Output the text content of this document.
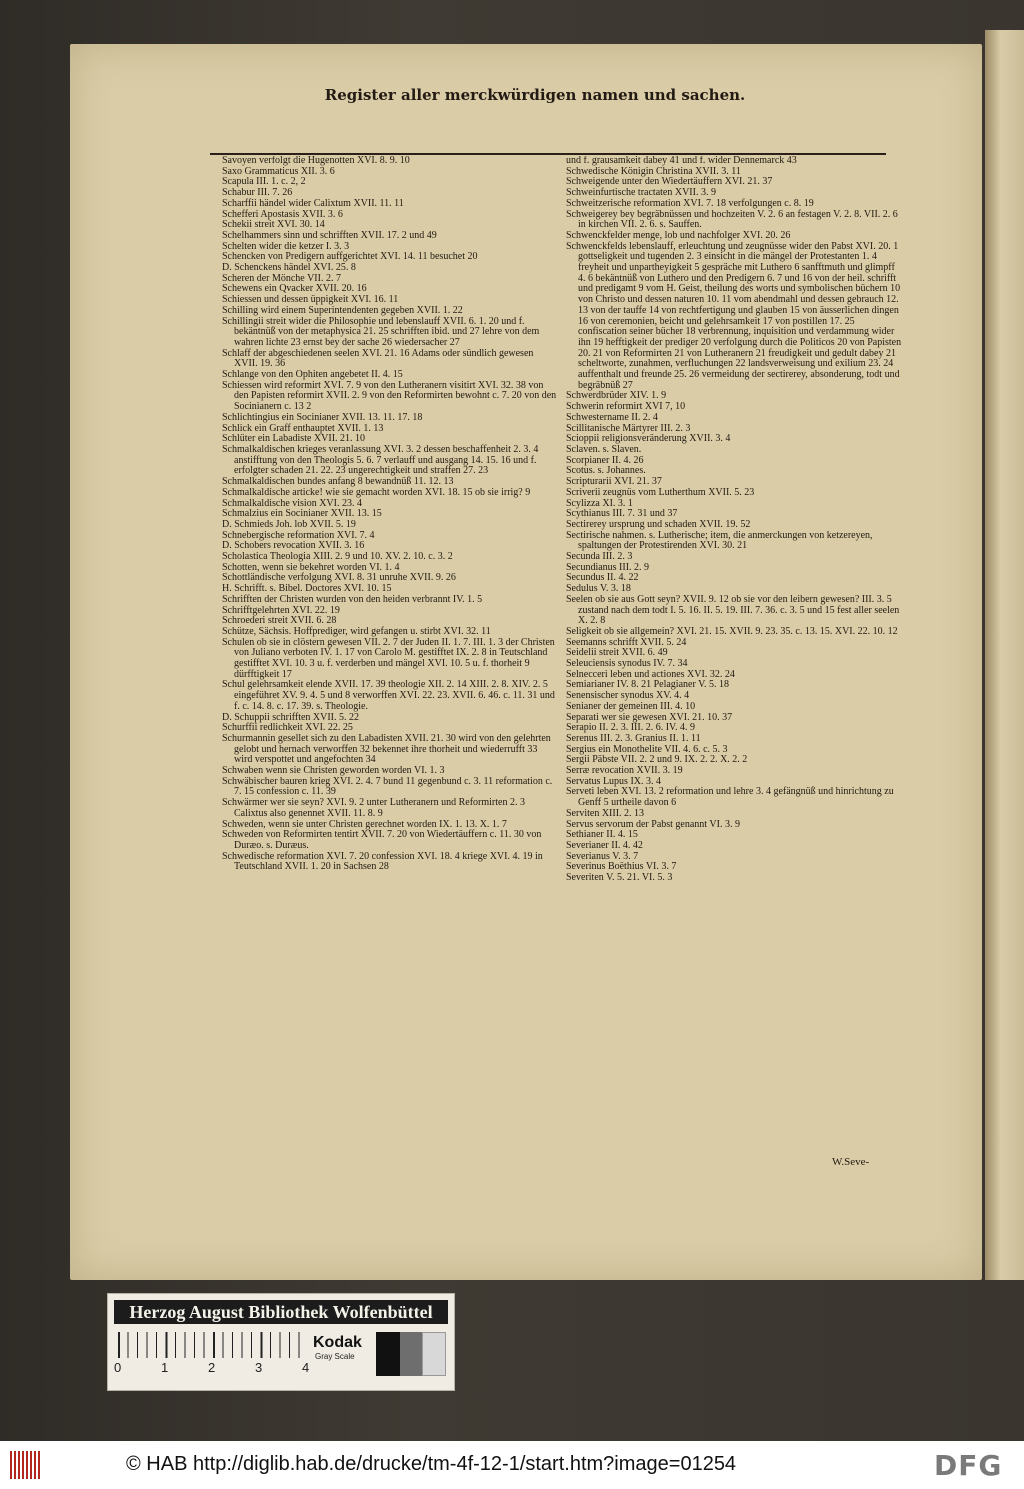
Register aller merckwürdigen namen und sachen.
Savoyen verfolgt die Hugenotten XVI. 8. 9. 10
Saxo Grammaticus XII. 3. 6
Scapula III. 1. c. 2, 2
Schabur III. 7. 26
Scharffii händel wider Calixtum XVII. 11. 11
Schefferi Apostasis XVII. 3. 6
Schekii streit XVI. 30. 14
Schelhammers sinn und schrifften XVII. 17. 2 und 49
Schelten wider die ketzer I. 3. 3
Schencken von Predigern auffgerichtet XVI. 14. 11 besuchet 20
D. Schenckens händel XVI. 25. 8
Scheren der Mönche VII. 2. 7
Schewens ein Qvacker XVII. 20. 16
Schiessen und dessen üppigkeit XVI. 16. 11
Schilling wird einem Superintendenten gegeben XVII. 1. 22
Schillingii streit wider die Philosophie und lebenslauff XVII. 6. 1. 20 und f. bekäntnüß von der metaphysica 21. 25 schrifften ibid. und 27 lehre von dem wahren lichte 23 ernst bey der sache 26 wiedersacher 27
Schlaff der abgeschiedenen seelen XVI. 21. 16 Adams oder sündlich gewesen XVII. 19. 36
Schlange von den Ophiten angebetet II. 4. 15
Schiessen wird reformirt XVI. 7. 9 von den Lutheranern visitirt XVI. 32. 38 von den Papisten reformirt XVII. 2. 9 von den Reformirten bewohnt c. 7. 20 von den Socinianern c. 13 2
Schlichtingius ein Socinianer XVII. 13. 11. 17. 18
Schlick ein Graff enthauptet XVII. 1. 13
Schlüter ein Labadiste XVII. 21. 10
Schmalkaldischen krieges veranlassung XVI. 3. 2 dessen beschaffenheit 2. 3. 4 anstifftung von den Theologis 5. 6. 7 verlauff und ausgang 14. 15. 16 und f. erfolgter schaden 21. 22. 23 ungerechtigkeit und straffen 27. 23
Schmalkaldischen bundes anfang 8 bewandnüß 11. 12. 13
Schmalkaldische articke! wie sie gemacht worden XVI. 18. 15 ob sie irrig? 9
Schmalkaldische vision XVI. 23. 4
Schmalzius ein Socinianer XVII. 13. 15
D. Schmieds Joh. lob XVII. 5. 19
Schnebergische reformation XVI. 7. 4
D. Schobers revocation XVII. 3. 16
Scholastica Theologia XIII. 2. 9 und 10. XV. 2. 10. c. 3. 2
Schotten, wenn sie bekehret worden VI. 1. 4
Schottländische verfolgung XVI. 8. 31 unruhe XVII. 9. 26
H. Schrifft. s. Bibel. Doctores XVI. 10. 15
Schrifften der Christen wurden von den heiden verbrannt IV. 1. 5
Schrifftgelehrten XVI. 22. 19
Schroederi streit XVII. 6. 28
Schütze, Sächsis. Hoffprediger, wird gefangen u. stirbt XVI. 32. 11
Schulen ob sie in clöstern gewesen VII. 2. 7 der Juden II. 1. 7. III. 1. 3 der Christen von Juliano verboten IV. 1. 17 von Carolo M. gestifftet IX. 2. 8 in Teutschland gestifftet XVI. 10. 3 u. f. verderben und mängel XVI. 10. 5 u. f. thorheit 9 dürfftigkeit 17
Schul gelehrsamkeit elende XVII. 17. 39 theologie XII. 2. 14 XIII. 2. 8. XIV. 2. 5 eingeführet XV. 9. 4. 5 und 8 verworffen XVI. 22. 23. XVII. 6. 46. c. 11. 31 und f. c. 14. 8. c. 17. 39. s. Theologie.
D. Schuppii schrifften XVII. 5. 22
Schurffii redlichkeit XVI. 22. 25
Schurmannin gesellet sich zu den Labadisten XVII. 21. 30 wird von den gelehrten gelobt und hernach verworffen 32 bekennet ihre thorheit und wiederrufft 33 wird verspottet und angefochten 34
Schwaben wenn sie Christen geworden worden VI. 1. 3
Schwäbischer bauren krieg XVI. 2. 4. 7 bund 11 gegenbund c. 3. 11 reformation c. 7. 15 confession c. 11. 39
Schwärmer wer sie seyn? XVI. 9. 2 unter Lutheranern und Reformirten 2. 3 Calixtus also genennet XVII. 11. 8. 9
Schweden, wenn sie unter Christen gerechnet worden IX. 1. 13. X. 1. 7
Schweden von Reformirten tentirt XVII. 7. 20 von Wiedertäuffern c. 11. 30 von Duræo. s. Duræus.
Schwedische reformation XVI. 7. 20 confession XVI. 18. 4 kriege XVI. 4. 19 in Teutschland XVII. 1. 20 in Sachsen 28
und f. grausamkeit dabey 41 und f. wider Dennemarck 43
Schwedische Königin Christina XVII. 3. 11
Schweigende unter den Wiedertäuffern XVI. 21. 37
Schweinfurtische tractaten XVII. 3. 9
Schweitzerische reformation XVI. 7. 18 verfolgungen c. 8. 19
Schweigerey bey begräbnüssen und hochzeiten V. 2. 6 an festagen V. 2. 8. VII. 2. 6 in kirchen VII. 2. 6. s. Sauffen.
Schwenckfelder menge, lob und nachfolger XVI. 20. 26
Schwenckfelds lebenslauff, erleuchtung und zeugnüsse wider den Pabst XVI. 20. 1 gottseligkeit und tugenden 2. 3 einsicht in die mängel der Protestanten 1. 4 freyheit und unpartheyigkeit 5 gespräche mit Luthero 6 sanfftmuth und glimpff 4. 6 bekäntnüß von Luthero und den Predigern 6. 7 und 16 von der heil. schrifft und predigamt 9 vom H. Geist, theilung des worts und symbolischen büchern 10 von Christo und dessen naturen 10. 11 vom abendmahl und dessen gebrauch 12. 13 von der tauffe 14 von rechtfertigung und glauben 15 von äusserlichen dingen 16 von ceremonien, beicht und gelehrsamkeit 17 von postillen 17. 25 confiscation seiner bücher 18 verbrennung, inquisition und verdammung wider ihn 19 hefftigkeit der prediger 20 verfolgung durch die Politicos 20 von Papisten 20. 21 von Reformirten 21 von Lutheranern 21 freudigkeit und gedult dabey 21 scheltworte, zunahmen, verfluchungen 22 landsverweisung und exilium 23. 24 auffenthalt und freunde 25. 26 vermeidung der sectirerey, absonderung, todt und begräbnüß 27
Schwerdbrüder XIV. 1. 9
Schwerin reformirt XVI 7, 10
Schwestername II. 2. 4
Scillitanische Märtyrer III. 2. 3
Scioppii religionsveränderung XVII. 3. 4
Sclaven. s. Slaven.
Scorpianer II. 4. 26
Scotus. s. Johannes.
Scripturarii XVI. 21. 37
Scriverii zeugnüs vom Lutherthum XVII. 5. 23
Scylizza XI. 3. 1
Scythianus III. 7. 31 und 37
Sectirerey ursprung und schaden XVII. 19. 52
Sectirische nahmen. s. Lutherische; item, die anmerckungen von ketzereyen, spaltungen der Protestirenden XVI. 30. 21
Secunda III. 2. 3
Secundianus III. 2. 9
Secundus II. 4. 22
Sedulus V. 3. 18
Seelen ob sie aus Gott seyn? XVII. 9. 12 ob sie vor den leibern gewesen? III. 3. 5 zustand nach dem todt I. 5. 16. II. 5. 19. III. 7. 36. c. 3. 5 und 15 fest aller seelen X. 2. 8
Seligkeit ob sie allgemein? XVI. 21. 15. XVII. 9. 23. 35. c. 13. 15. XVI. 22. 10. 12
Seemanns schrifft XVII. 5. 24
Seidelii streit XVII. 6. 49
Seleuciensis synodus IV. 7. 34
Selnecceri leben und actiones XVI. 32. 24
Semiarianer IV. 8. 21 Pelagianer V. 5. 18
Senensischer synodus XV. 4. 4
Senianer der gemeinen III. 4. 10
Separati wer sie gewesen XVI. 21. 10. 37
Serapio II. 2. 3. III. 2. 6. IV. 4. 9
Serenus III. 2. 3. Granius II. 1. 11
Sergius ein Monothelite VII. 4. 6. c. 5. 3
Sergii Päbste VII. 2. 2 und 9. IX. 2. 2. X. 2. 2
Serræ revocation XVII. 3. 19
Servatus Lupus IX. 3. 4
Serveti leben XVI. 13. 2 reformation und lehre 3. 4 gefängnüß und hinrichtung zu Genff 5 urtheile davon 6
Serviten XIII. 2. 13
Servus servorum der Pabst genannt VI. 3. 9
Sethianer II. 4. 15
Severianer II. 4. 42
Severianus V. 3. 7
Severinus Boëthius VI. 3. 7
Severiten V. 5. 21. VI. 5. 3
W.Seve-
Herzog August Bibliothek Wolfenbüttel
0	1	2	3	4
Kodak
Gray Scale
© HAB http://diglib.hab.de/drucke/tm-4f-12-1/start.htm?image=01254	DFG
